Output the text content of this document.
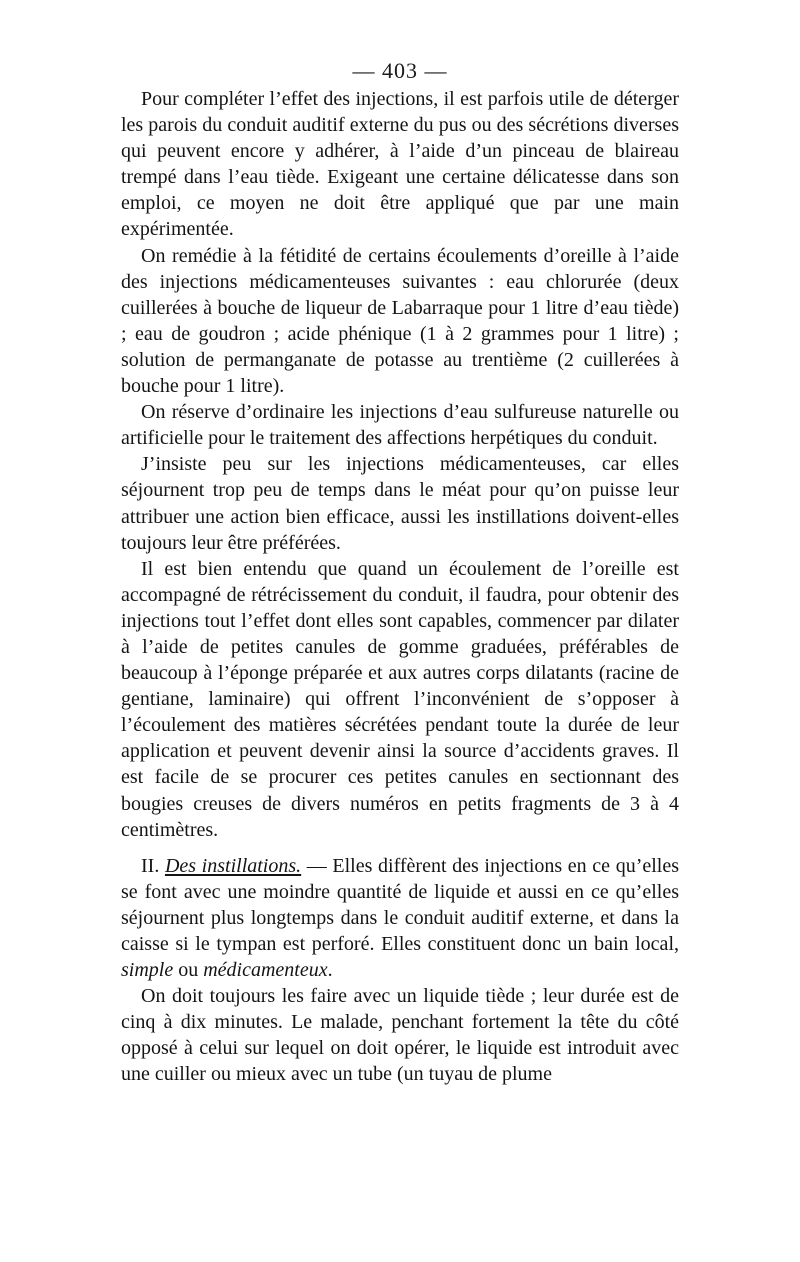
— 403 —

Pour compléter l’effet des injections, il est parfois utile de déterger les parois du conduit auditif externe du pus ou des sécrétions diverses qui peuvent encore y adhérer, à l’aide d’un pinceau de blaireau trempé dans l’eau tiède. Exigeant une certaine délicatesse dans son emploi, ce moyen ne doit être appliqué que par une main expérimentée.

On remédie à la fétidité de certains écoulements d’oreille à l’aide des injections médicamenteuses suivantes : eau chlorurée (deux cuillerées à bouche de liqueur de Labarraque pour 1 litre d’eau tiède) ; eau de goudron ; acide phénique (1 à 2 grammes pour 1 litre) ; solution de permanganate de potasse au trentième (2 cuillerées à bouche pour 1 litre).

On réserve d’ordinaire les injections d’eau sulfureuse naturelle ou artificielle pour le traitement des affections herpétiques du conduit.

J’insiste peu sur les injections médicamenteuses, car elles séjournent trop peu de temps dans le méat pour qu’on puisse leur attribuer une action bien efficace, aussi les instillations doivent-elles toujours leur être préférées.

Il est bien entendu que quand un écoulement de l’oreille est accompagné de rétrécissement du conduit, il faudra, pour obtenir des injections tout l’effet dont elles sont capables, commencer par dilater à l’aide de petites canules de gomme graduées, préférables de beaucoup à l’éponge préparée et aux autres corps dilatants (racine de gentiane, laminaire) qui offrent l’inconvénient de s’opposer à l’écoulement des matières sécrétées pendant toute la durée de leur application et peuvent devenir ainsi la source d’accidents graves. Il est facile de se procurer ces petites canules en sectionnant des bougies creuses de divers numéros en petits fragments de 3 à 4 centimètres.

II. Des instillations. — Elles diffèrent des injections en ce qu’elles se font avec une moindre quantité de liquide et aussi en ce qu’elles séjournent plus longtemps dans le conduit auditif externe, et dans la caisse si le tympan est perforé. Elles constituent donc un bain local, simple ou médicamenteux.

On doit toujours les faire avec un liquide tiède ; leur durée est de cinq à dix minutes. Le malade, penchant fortement la tête du côté opposé à celui sur lequel on doit opérer, le liquide est introduit avec une cuiller ou mieux avec un tube (un tuyau de plume
